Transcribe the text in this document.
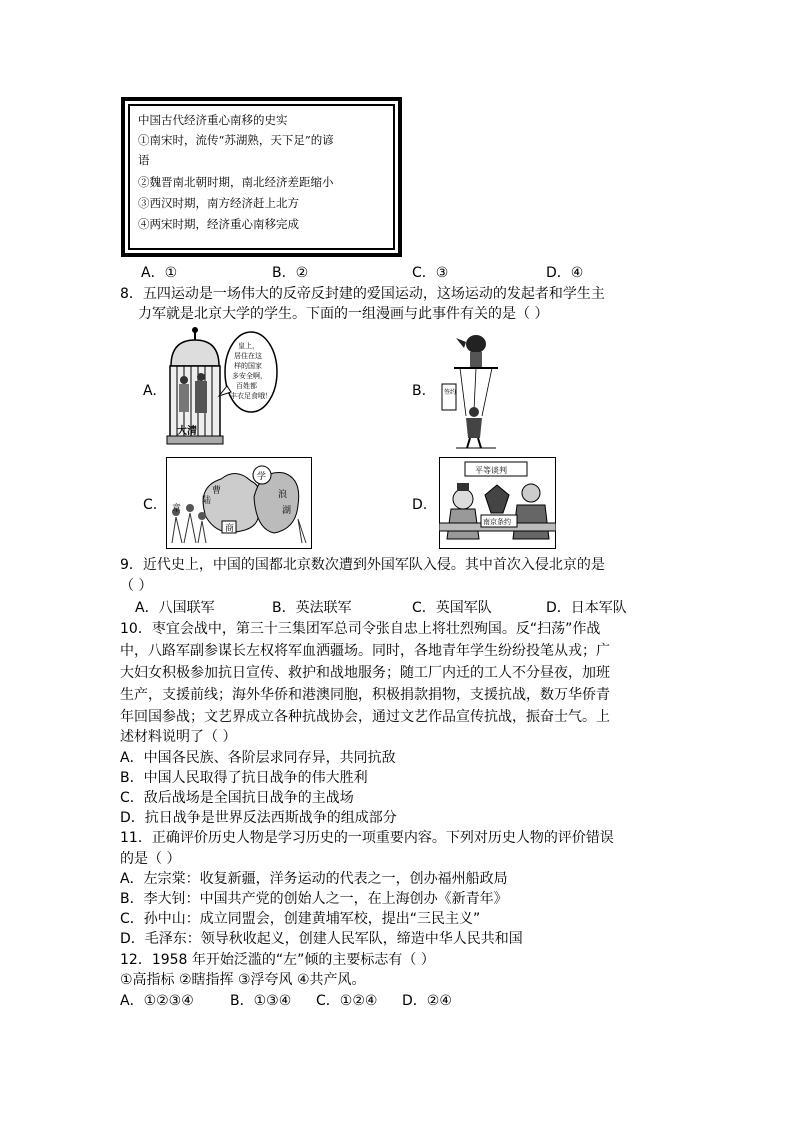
中国古代经济重心南移的史实
①南宋时，流传“苏湖熟，天下足”的谚
语
②魏晋南北朝时期，南北经济差距缩小
③西汉时期，南方经济赶上北方
④两宋时期，经济重心南移完成
A．①	B．②	C．③	D．④
8．五四运动是一场伟大的反帝反封建的爱国运动，这场运动的发起者和学生主
力军就是北京大学的学生。下面的一组漫画与此事件有关的是（ ）
A.	B.
C.	D.
大清
皇上，
居住在这
样的国家
多安全啊，
百姓都
丰衣足食哦！	签约
学
章
陆
曹
商
湖
浪
平等谈判
南京条约
9．近代史上，中国的国都北京数次遭到外国军队入侵。其中首次入侵北京的是
（ ）
A．八国联军	B．英法联军	C．英国军队	D．日本军队
10．枣宜会战中，第三十三集团军总司令张自忠上将壮烈殉国。反“扫荡”作战
中，八路军副参谋长左权将军血洒疆场。同时，各地青年学生纷纷投笔从戎；广
大妇女积极参加抗日宣传、救护和战地服务；随工厂内迁的工人不分昼夜，加班
生产，支援前线；海外华侨和港澳同胞，积极捐款捐物，支援抗战，数万华侨青
年回国参战；文艺界成立各种抗战协会，通过文艺作品宣传抗战，振奋士气。上
述材料说明了（ ）
A．中国各民族、各阶层求同存异，共同抗敌
B．中国人民取得了抗日战争的伟大胜利
C．敌后战场是全国抗日战争的主战场
D．抗日战争是世界反法西斯战争的组成部分
11．正确评价历史人物是学习历史的一项重要内容。下列对历史人物的评价错误
的是（ ）
A．左宗棠：收复新疆，洋务运动的代表之一，创办福州船政局
B．李大钊：中国共产党的创始人之一，在上海创办《新青年》
C．孙中山：成立同盟会，创建黄埔军校，提出“三民主义”
D．毛泽东：领导秋收起义，创建人民军队，缔造中华人民共和国
12．1958 年开始泛滥的“左”倾的主要标志有（ ）
①高指标 ②瞎指挥 ③浮夸风 ④共产风。
A．①②③④	B．①③④ C．①②④ D．②④
